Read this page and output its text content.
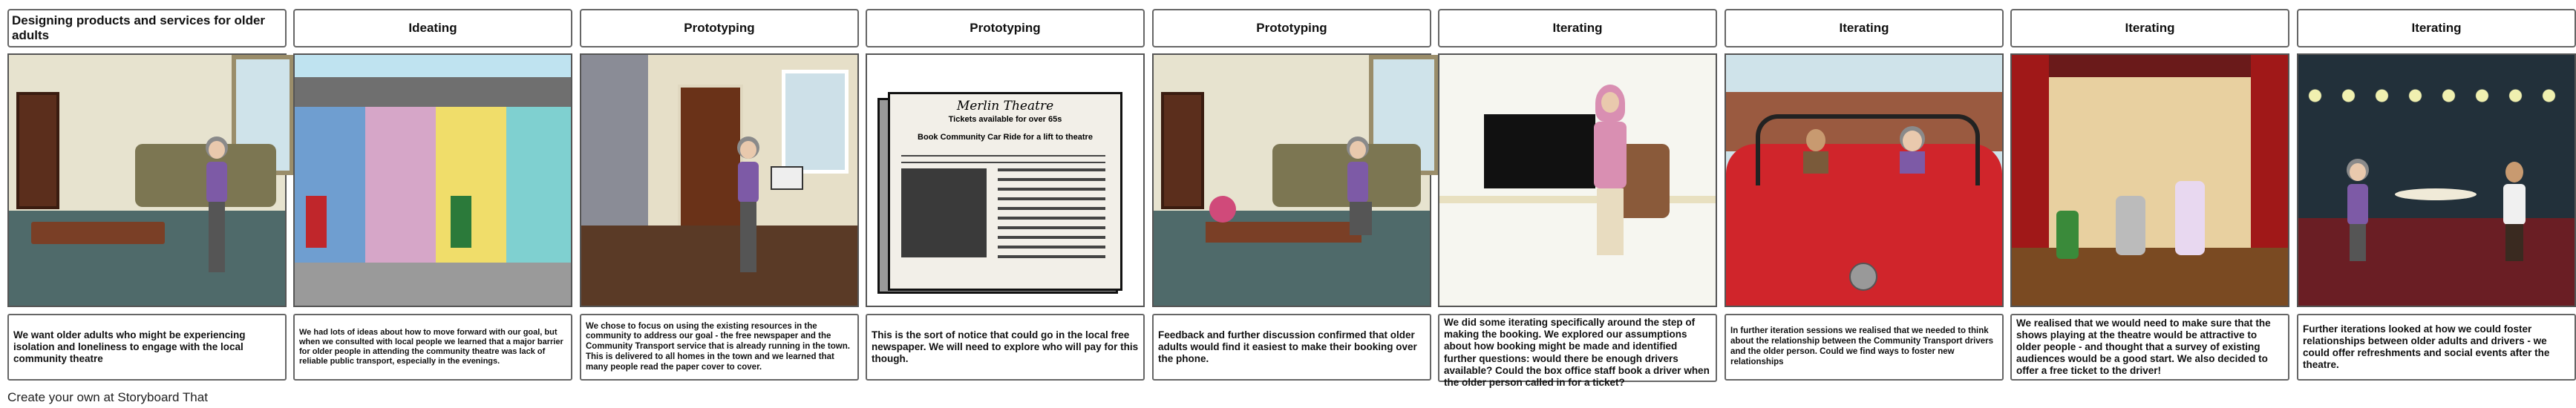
Designing products and services for older adults
We want older adults who might be experiencing isolation and loneliness to engage with the local community theatre
Ideating
We had lots of ideas about how to move forward with our goal, but when we consulted with local people we learned that a major barrier for older people in attending the community theatre was lack of reliable public transport, especially in the evenings.
Prototyping
We chose to focus on using the existing resources in the community to address our goal - the free newspaper and the Community Transport service that is already running in the town. This is delivered to all homes in the town and we learned that many people read the paper cover to cover.
Prototyping
Merlin Theatre
Tickets available for over 65s
Book Community Car Ride for a lift to theatre
This is the sort of notice that could go in the local free newspaper. We will need to explore who will pay for this though.
Prototyping
Feedback and further discussion confirmed that older adults would find it easiest to make their booking over the phone.
Iterating
We did some iterating specifically around the step of making the booking. We explored our assumptions about how booking might be made and identified further questions: would there be enough drivers available? Could the box office staff book a driver when the older person called in for a ticket?
Iterating
In further iteration sessions we realised that we needed to think about the relationship between the Community Transport drivers and the older person. Could we find ways to foster new relationships
Iterating
We realised that we would need to make sure that the shows playing at the theatre would be attractive to older people - and thought that a survey of existing audiences would be a good start. We also decided to offer a free ticket to the driver!
Iterating
Further iterations looked at how we could foster relationships between older adults and drivers - we could offer refreshments and social events after the theatre.
Create your own at Storyboard That
